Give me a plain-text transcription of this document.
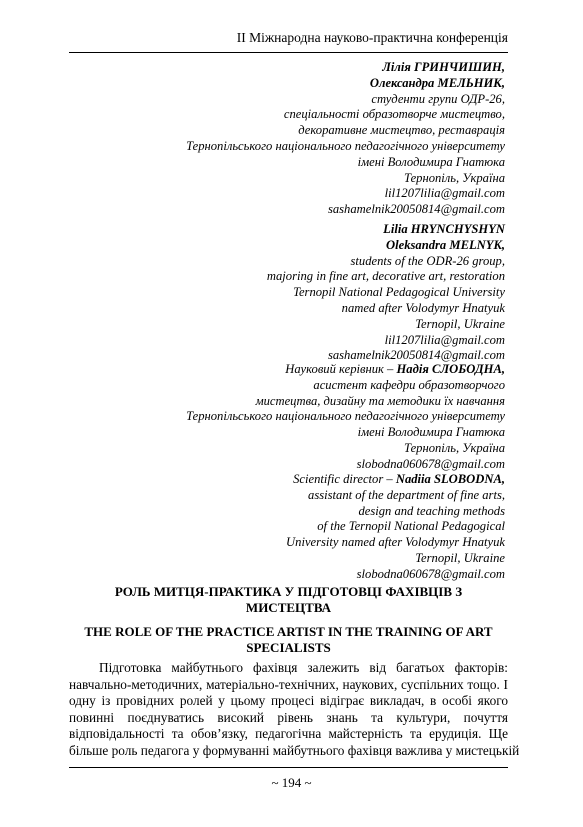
ІІ Міжнародна науково-практична конференція
Лілія ГРИНЧИШИН,
Олександра МЕЛЬНИК,
студенти групи ОДР-26,
спеціальності образотворче мистецтво,
декоративне мистецтво, реставрація
Тернопільського національного педагогічного університету
імені Володимира Гнатюка
Тернопіль, Україна
lil1207lilia@gmail.com
sashamelnik20050814@gmail.com
Lilia HRYNCHYSHYN
Oleksandra MELNYK,
students of the ODR-26 group,
majoring in fine art, decorative art, restoration
Ternopil National Pedagogical University
named after Volodymyr Hnatyuk
Ternopil, Ukraine
lil1207lilia@gmail.com
sashamelnik20050814@gmail.com
Науковий керівник – Надія СЛОБОДНА,
асистент кафедри образотворчого
мистецтва, дизайну та методики їх навчання
Тернопільського національного педагогічного університету
імені Володимира Гнатюка
Тернопіль, Україна
slobodna060678@gmail.com
Scientific director – Nadiia SLOBODNA,
assistant of the department of fine arts,
design and teaching methods
of the Ternopil National Pedagogical
University named after Volodymyr Hnatyuk
Ternopil, Ukraine
slobodna060678@gmail.com
РОЛЬ МИТЦЯ-ПРАКТИКА У ПІДГОТОВЦІ ФАХІВЦІВ З
МИСТЕЦТВА
THE ROLE OF THE PRACTICE ARTIST IN THE TRAINING OF ART
SPECIALISTS
Підготовка майбутнього фахівця залежить від багатьох факторів:
навчально-методичних, матеріально-технічних, наукових, суспільних тощо. І
одну із провідних ролей у цьому процесі відіграє викладач, в особі якого
повинні поєднуватись високий рівень знань та культури, почуття
відповідальності та обов’язку, педагогічна майстерність та ерудиція. Ще
більше роль педагога у формуванні майбутнього фахівця важлива у мистецькій
~ 194 ~
